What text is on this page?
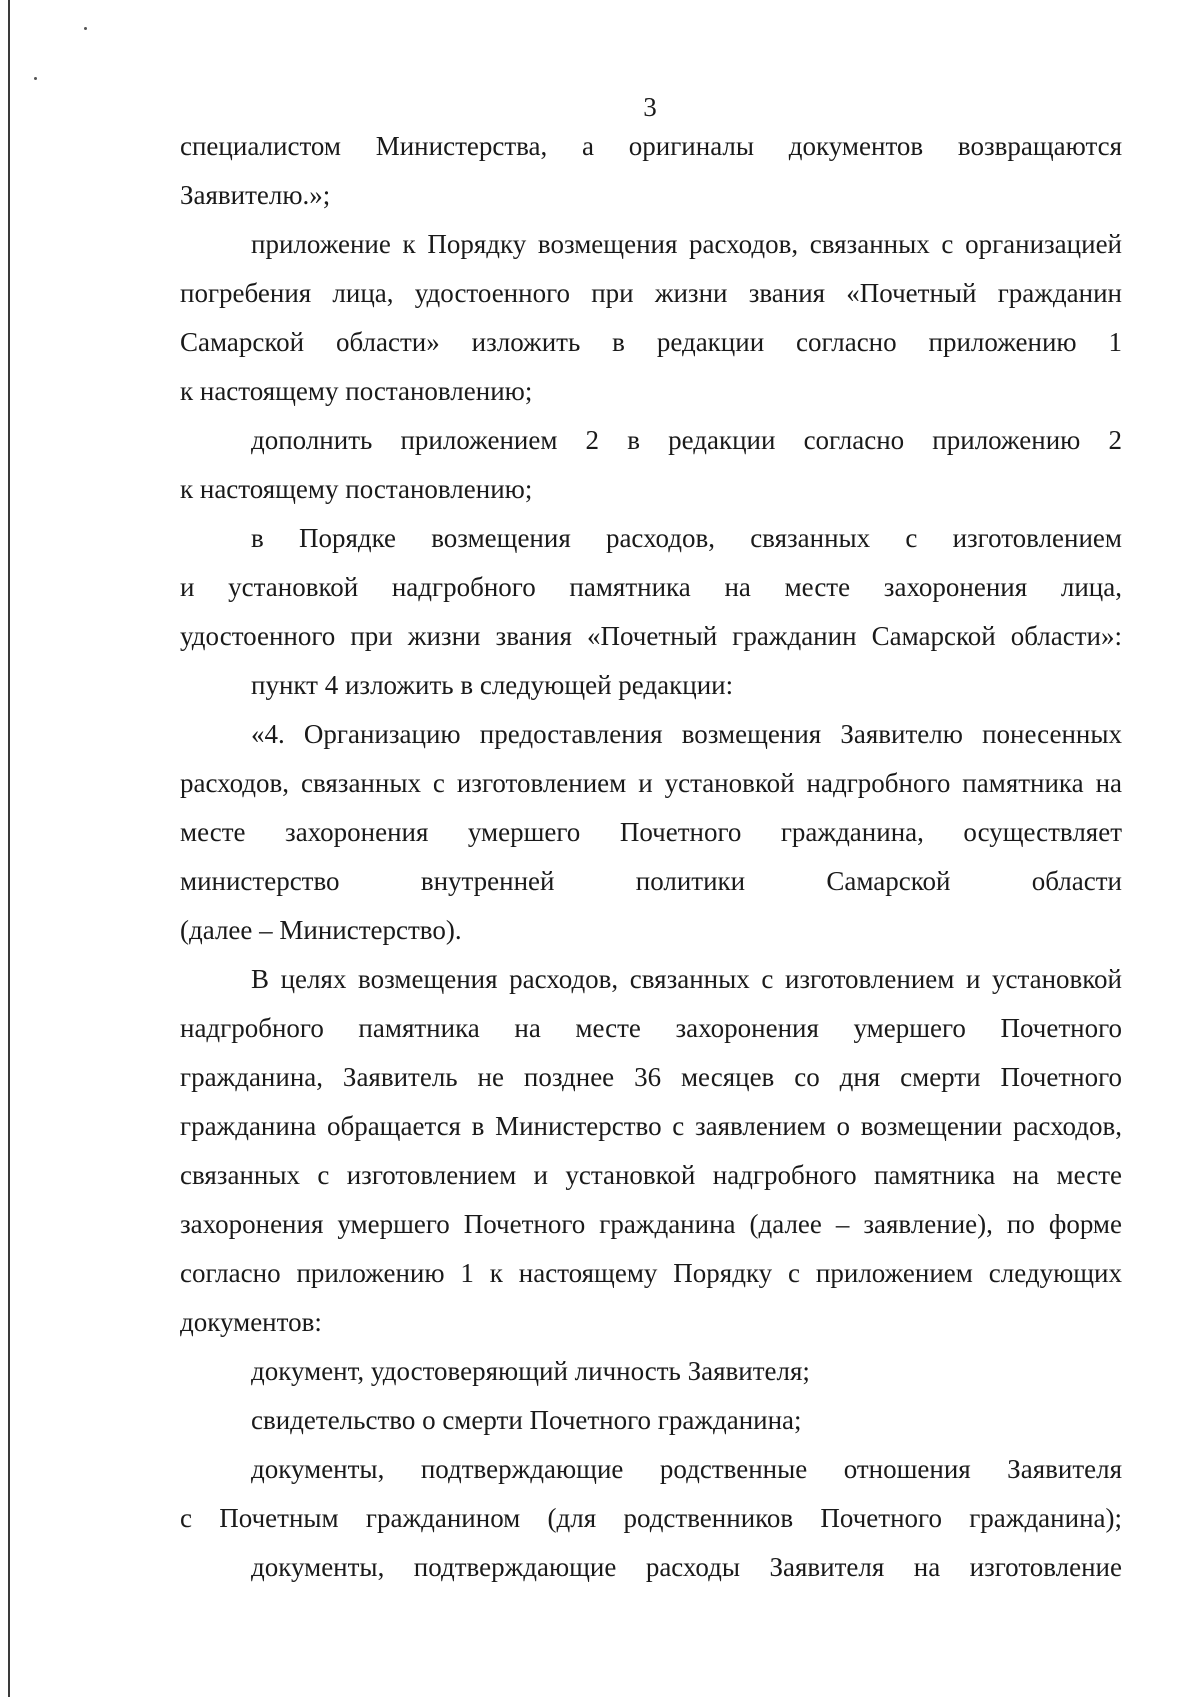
3
специалистом Министерства, а оригиналы документов возвращаются
Заявителю.»;
приложение к Порядку возмещения расходов, связанных с организацией
погребения лица, удостоенного при жизни звания «Почетный гражданин
Самарской области» изложить в редакции согласно приложению 1
к настоящему постановлению;
дополнить приложением 2 в редакции согласно приложению 2
к настоящему постановлению;
в Порядке возмещения расходов, связанных с изготовлением
и установкой надгробного памятника на месте захоронения лица,
удостоенного при жизни звания «Почетный гражданин Самарской области»:
пункт 4 изложить в следующей редакции:
«4. Организацию предоставления возмещения Заявителю понесенных
расходов, связанных с изготовлением и установкой надгробного памятника на
месте захоронения умершего Почетного гражданина, осуществляет
министерство внутренней политики Самарской области
(далее – Министерство).
В целях возмещения расходов, связанных с изготовлением и установкой
надгробного памятника на месте захоронения умершего Почетного
гражданина, Заявитель не позднее 36 месяцев со дня смерти Почетного
гражданина обращается в Министерство с заявлением о возмещении расходов,
связанных с изготовлением и установкой надгробного памятника на месте
захоронения умершего Почетного гражданина (далее – заявление), по форме
согласно приложению 1 к настоящему Порядку с приложением следующих
документов:
документ, удостоверяющий личность Заявителя;
свидетельство о смерти Почетного гражданина;
документы, подтверждающие родственные отношения Заявителя
с Почетным гражданином (для родственников Почетного гражданина);
документы, подтверждающие расходы Заявителя на изготовление
